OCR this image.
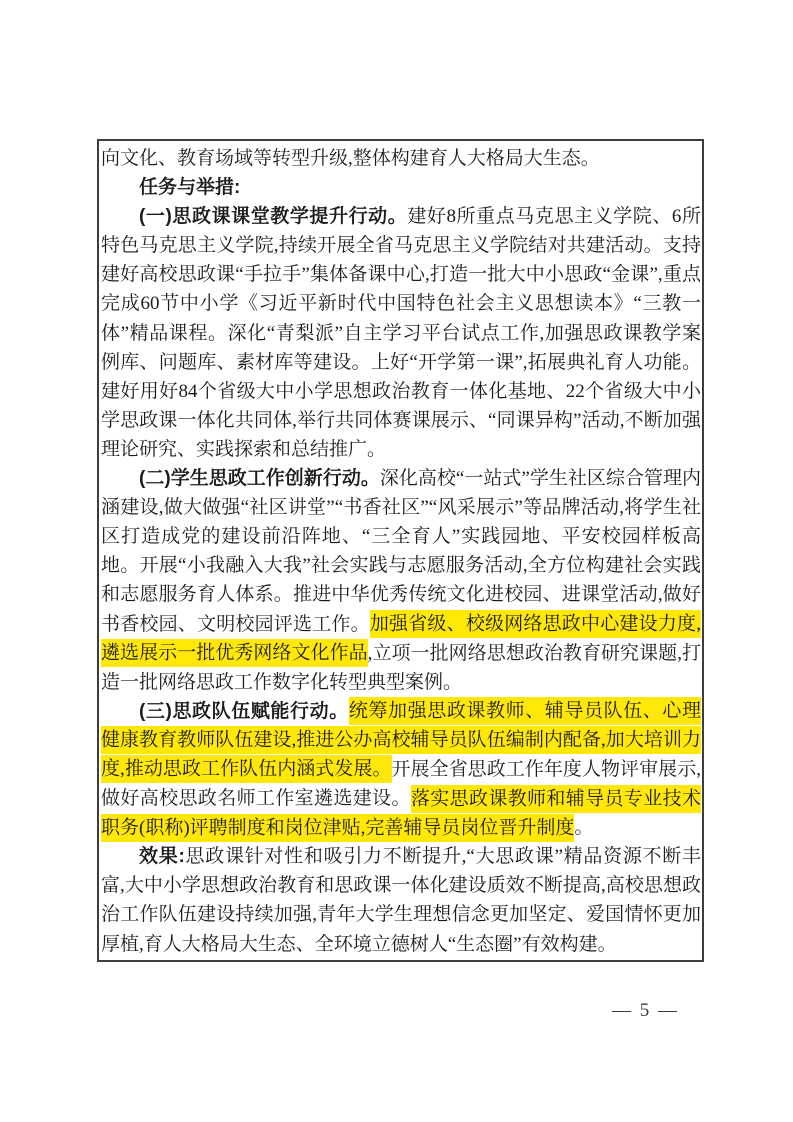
向文化、教育场域等转型升级,整体构建育人大格局大生态。

任务与举措:

(一)思政课课堂教学提升行动。建好8所重点马克思主义学院、6所特色马克思主义学院,持续开展全省马克思主义学院结对共建活动。支持建好高校思政课“手拉手”集体备课中心,打造一批大中小思政“金课”,重点完成60节中小学《习近平新时代中国特色社会主义思想读本》“三教一体”精品课程。深化“青梨派”自主学习平台试点工作,加强思政课教学案例库、问题库、素材库等建设。上好“开学第一课”,拓展典礼育人功能。建好用好84个省级大中小学思想政治教育一体化基地、22个省级大中小学思政课一体化共同体,举行共同体赛课展示、“同课异构”活动,不断加强理论研究、实践探索和总结推广。

(二)学生思政工作创新行动。深化高校“一站式”学生社区综合管理内涵建设,做大做强“社区讲堂”“书香社区”“风采展示”等品牌活动,将学生社区打造成党的建设前沿阵地、“三全育人”实践园地、平安校园样板高地。开展“小我融入大我”社会实践与志愿服务活动,全方位构建社会实践和志愿服务育人体系。推进中华优秀传统文化进校园、进课堂活动,做好书香校园、文明校园评选工作。加强省级、校级网络思政中心建设力度,遴选展示一批优秀网络文化作品,立项一批网络思想政治教育研究课题,打造一批网络思政工作数字化转型典型案例。

(三)思政队伍赋能行动。统筹加强思政课教师、辅导员队伍、心理健康教育教师队伍建设,推进公办高校辅导员队伍编制内配备,加大培训力度,推动思政工作队伍内涵式发展。开展全省思政工作年度人物评审展示,做好高校思政名师工作室遴选建设。落实思政课教师和辅导员专业技术职务(职称)评聘制度和岗位津贴,完善辅导员岗位晋升制度。

效果:思政课针对性和吸引力不断提升,“大思政课”精品资源不断丰富,大中小学思想政治教育和思政课一体化建设质效不断提高,高校思想政治工作队伍建设持续加强,青年大学生理想信念更加坚定、爱国情怀更加厚植,育人大格局大生态、全环境立德树人“生态圈”有效构建。

— 5 —
